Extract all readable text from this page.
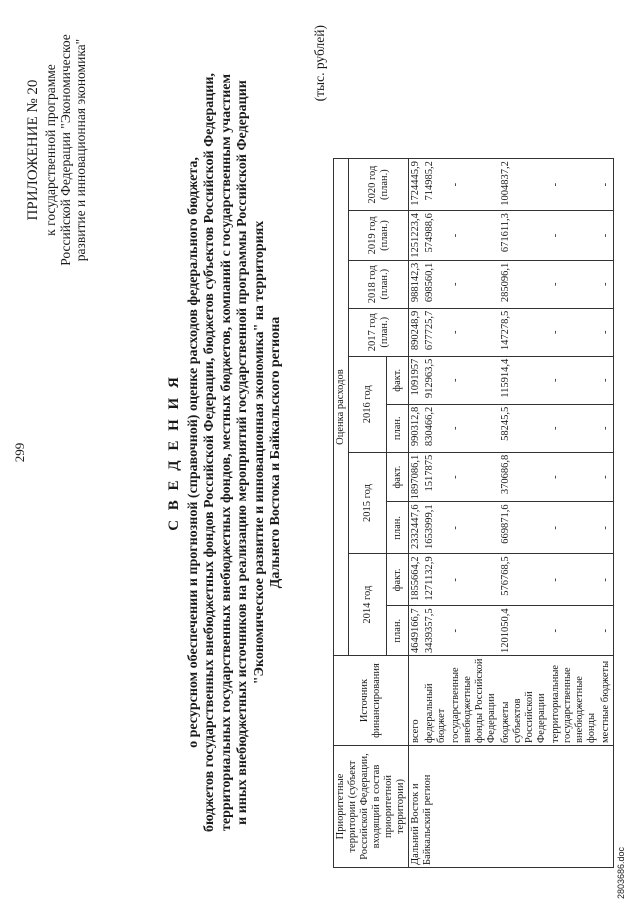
299
ПРИЛОЖЕНИЕ № 20 к государственной программе Российской Федерации "Экономическое развитие и инновационная экономика"
С В Е Д Е Н И Я о ресурсном обеспечении и прогнозной (справочной) оценке расходов федерального бюджета, бюджетов государственных внебюджетных фондов Российской Федерации, бюджетов субъектов Российской Федерации, территориальных государственных внебюджетных фондов, местных бюджетов, компаний с государственным участием и иных внебюджетных источников на реализацию мероприятий государственной программы Российской Федерации "Экономическое развитие и инновационная экономика" на территориях Дальнего Востока и Байкальского региона
(тыс. рублей)
Приоритетные территории (субъект Российской Федерации, входящий в состав приоритетной территории)	Источник финансирования	Оценка расходов									
		2014 год		2015 год		2016 год		2017 год (план.)	2018 год (план.)	2019 год (план.)	2020 год (план.)
		план.	факт.	план.	факт.	план.	факт.				
Дальний Восток и Байкальский регион	всего	4649166,7	1855664,2	2332447,6	1897086,1	990312,8	1091957	890248,9	988142,3	1251223,4	1724445,9
	федеральный бюджет	3439357,5	1271132,9	1653999,1	1517875	830466,2	912963,5	677725,7	698560,1	574988,6	714985,2
	государственные внебюджетные фонды Российской Федерации	-	-	-	-	-	-	-	-	-	-
	бюджеты субъектов Российской Федерации	1201050,4	576768,5	669871,6	370686,8	58245,5	115914,4	147278,5	285096,1	671611,3	1004837,2
	территориальные государственные внебюджетные фонды	-	-	-	-	-	-	-	-	-	-
	местные бюджеты	-	-	-	-	-	-	-	-	-	-
2803686.doc
